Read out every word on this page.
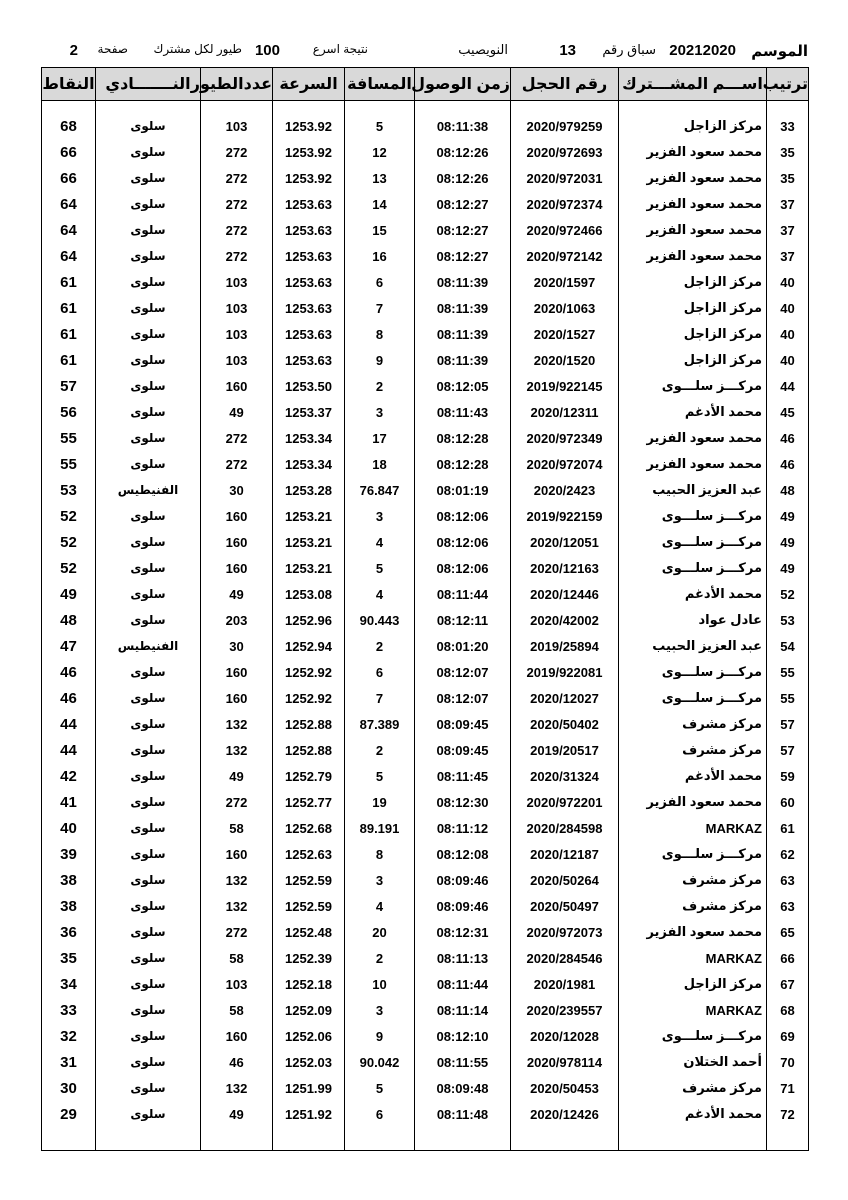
الموسم
20212020
سباق رقم
13
النويصيب
نتيجة اسرع
100
طيور لكل مشترك
صفحة
2
ترتيب	اســـم المشـــترك	رقم الحجل	زمن الوصول	المسافة	السرعة	عددالطيور	النـــــــادي	النقاط

33	مركز الزاجل	2020/979259	08:11:38	5	1253.92	103	سلوى	68
35	محمد سعود الفزير	2020/972693	08:12:26	12	1253.92	272	سلوى	66
35	محمد سعود الفزير	2020/972031	08:12:26	13	1253.92	272	سلوى	66
37	محمد سعود الفزير	2020/972374	08:12:27	14	1253.63	272	سلوى	64
37	محمد سعود الفزير	2020/972466	08:12:27	15	1253.63	272	سلوى	64
37	محمد سعود الفزير	2020/972142	08:12:27	16	1253.63	272	سلوى	64
40	مركز الزاجل	2020/1597	08:11:39	6	1253.63	103	سلوى	61
40	مركز الزاجل	2020/1063	08:11:39	7	1253.63	103	سلوى	61
40	مركز الزاجل	2020/1527	08:11:39	8	1253.63	103	سلوى	61
40	مركز الزاجل	2020/1520	08:11:39	9	1253.63	103	سلوى	61
44	مركـــز سلـــوى	2019/922145	08:12:05	2	1253.50	160	سلوى	57
45	محمد الأدغم	2020/12311	08:11:43	3	1253.37	49	سلوى	56
46	محمد سعود الفزير	2020/972349	08:12:28	17	1253.34	272	سلوى	55
46	محمد سعود الفزير	2020/972074	08:12:28	18	1253.34	272	سلوى	55
48	عبد العزيز الحبيب	2020/2423	08:01:19	76.847	1253.28	30	الفنيطيس	53
49	مركـــز سلـــوى	2019/922159	08:12:06	3	1253.21	160	سلوى	52
49	مركـــز سلـــوى	2020/12051	08:12:06	4	1253.21	160	سلوى	52
49	مركـــز سلـــوى	2020/12163	08:12:06	5	1253.21	160	سلوى	52
52	محمد الأدغم	2020/12446	08:11:44	4	1253.08	49	سلوى	49
53	عادل عواد	2020/42002	08:12:11	90.443	1252.96	203	سلوى	48
54	عبد العزيز الحبيب	2019/25894	08:01:20	2	1252.94	30	الفنيطيس	47
55	مركـــز سلـــوى	2019/922081	08:12:07	6	1252.92	160	سلوى	46
55	مركـــز سلـــوى	2020/12027	08:12:07	7	1252.92	160	سلوى	46
57	مركز مشرف	2020/50402	08:09:45	87.389	1252.88	132	سلوى	44
57	مركز مشرف	2019/20517	08:09:45	2	1252.88	132	سلوى	44
59	محمد الأدغم	2020/31324	08:11:45	5	1252.79	49	سلوى	42
60	محمد سعود الفزير	2020/972201	08:12:30	19	1252.77	272	سلوى	41
61	MARKAZ	2020/284598	08:11:12	89.191	1252.68	58	سلوى	40
62	مركـــز سلـــوى	2020/12187	08:12:08	8	1252.63	160	سلوى	39
63	مركز مشرف	2020/50264	08:09:46	3	1252.59	132	سلوى	38
63	مركز مشرف	2020/50497	08:09:46	4	1252.59	132	سلوى	38
65	محمد سعود الفزير	2020/972073	08:12:31	20	1252.48	272	سلوى	36
66	MARKAZ	2020/284546	08:11:13	2	1252.39	58	سلوى	35
67	مركز الزاجل	2020/1981	08:11:44	10	1252.18	103	سلوى	34
68	MARKAZ	2020/239557	08:11:14	3	1252.09	58	سلوى	33
69	مركـــز سلـــوى	2020/12028	08:12:10	9	1252.06	160	سلوى	32
70	أحمد الختلان	2020/978114	08:11:55	90.042	1252.03	46	سلوى	31
71	مركز مشرف	2020/50453	08:09:48	5	1251.99	132	سلوى	30
72	محمد الأدغم	2020/12426	08:11:48	6	1251.92	49	سلوى	29
